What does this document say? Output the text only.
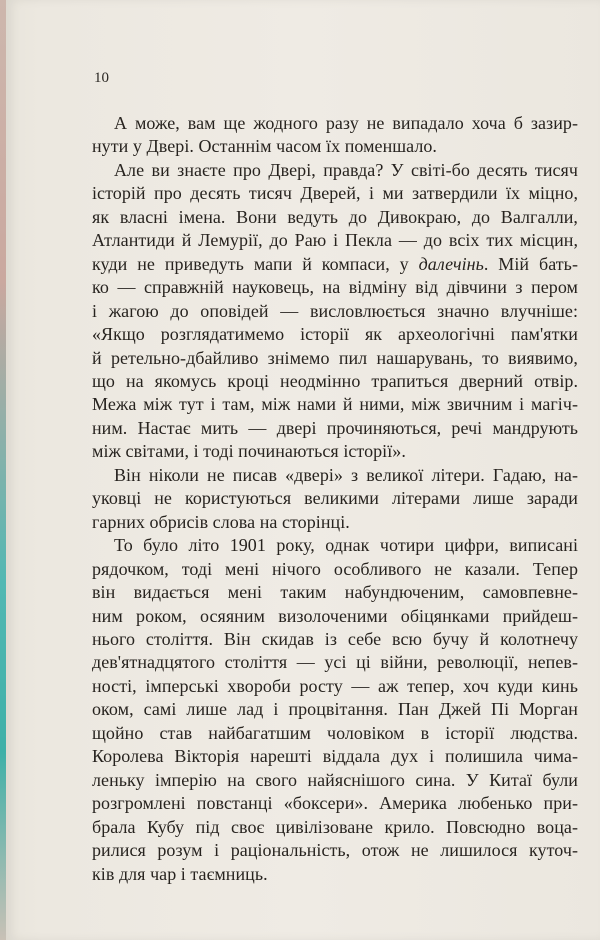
10

А може, вам ще жодного разу не випадало хоча б зазир-
нути у Двері. Останнім часом їх поменшало.

Але ви знаєте про Двері, правда? У світі-бо десять тисяч
історій про десять тисяч Дверей, і ми затвердили їх міцно,
як власні імена. Вони ведуть до Дивокраю, до Валгалли,
Атлантиди й Лемурії, до Раю і Пекла — до всіх тих місцин,
куди не приведуть мапи й компаси, у далечінь. Мій бать-
ко — справжній науковець, на відміну від дівчини з пером
і жагою до оповідей — висловлюється значно влучніше:
«Якщо розглядатимемо історії як археологічні пам'ятки
й ретельно-дбайливо знімемо пил нашарувань, то виявимо,
що на якомусь кроці неодмінно трапиться дверний отвір.
Межа між тут і там, між нами й ними, між звичним і магіч-
ним. Настає мить — двері прочиняються, речі мандрують
між світами, і тоді починаються історії».

Він ніколи не писав «двері» з великої літери. Гадаю, на-
уковці не користуються великими літерами лише заради
гарних обрисів слова на сторінці.

То було літо 1901 року, однак чотири цифри, виписані
рядочком, тоді мені нічого особливого не казали. Тепер
він видається мені таким набундюченим, самовпевне-
ним роком, осяяним визолоченими обіцянками прийдеш-
нього століття. Він скидав із себе всю бучу й колотнечу
дев'ятнадцятого століття — усі ці війни, революції, непев-
ності, імперські хвороби росту — аж тепер, хоч куди кинь
оком, самі лише лад і процвітання. Пан Джей Пі Морган
щойно став найбагатшим чоловіком в історії людства.
Королева Вікторія нарешті віддала дух і полишила чима-
леньку імперію на свого найяснішого сина. У Китаї були
розгромлені повстанці «боксери». Америка любенько при-
брала Кубу під своє цивілізоване крило. Повсюдно воца-
рилися розум і раціональність, отож не лишилося куточ-
ків для чар і таємниць.
